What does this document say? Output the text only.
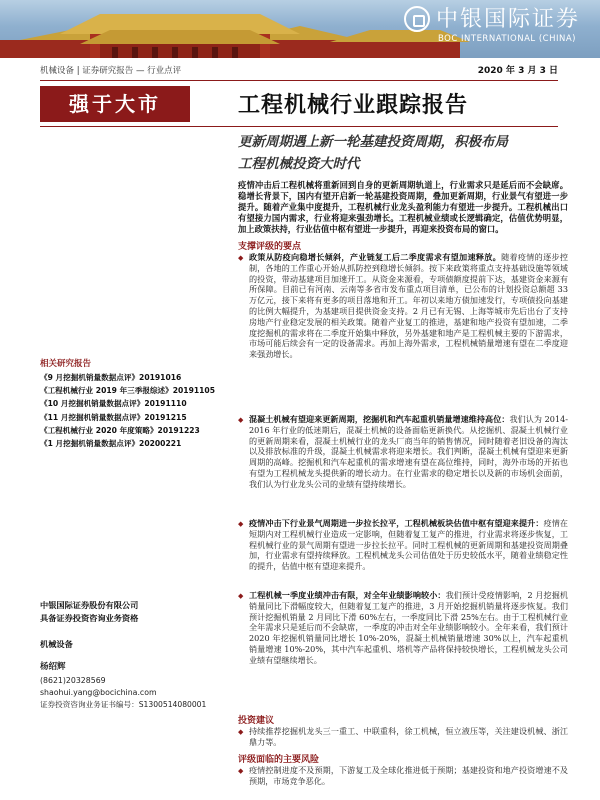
中银国际证券
BOC INTERNATIONAL (CHINA)
机械设备 | 证券研究报告 — 行业点评	2020 年 3 月 3 日
强于大市	工程机械行业跟踪报告
更新周期遇上新一轮基建投资周期，积极布局
工程机械投资大时代
疫情冲击后工程机械将重新回到自身的更新周期轨道上，行业需求只是延后而不会缺席。稳增长背景下，国内有望开启新一轮基建投资周期，叠加更新周期，行业景气有望进一步提升。随着产业集中度提升，工程机械行业龙头盈利能力有望进一步提升。工程机械出口有望接力国内需求，行业将迎来强劲增长。工程机械业绩或长逻辑确定，估值优势明显，加上政策扶持，行业估值中枢有望进一步提升，再迎来投资布局的窗口。
支撑评级的要点
◆ 政策从防疫向稳增长倾斜，产业链复工后二季度需求有望加速释放。随着疫情的逐步控制，各地的工作重心开始从抓防控到稳增长倾斜。按下来政策将重点支持基础设施等领域的投资，带动基建项目加速开工。从资金来源看，专项债额度提前下达，基建资金来源有所保障。目前已有河南、云南等多省市发布重点项目清单，已公布的计划投资总额超 33 万亿元，接下来将有更多的项目落地和开工。年初以来地方债加速发行，专项债投向基建的比例大幅提升，为基建项目提供资金支持。2 月已有无锡、上海等城市先后出台了支持房地产行业稳定发展的相关政策。随着产业复工的推进，基建和地产投资有望加速，二季度挖掘机的需求将在二季度开始集中释放，另外基建和地产是工程机械主要的下游需求，市场可能后续会有一定的设备需求。再加上海外需求，工程机械销量增速有望在二季度迎来强劲增长。
◆ 混凝土机械有望迎来更新周期，挖掘机和汽车起重机销量增速维持高位：我们认为 2014-2016 年行业的低迷期后，混凝土机械的设备面临更新换代。从挖掘机、混凝土机械行业的更新周期来看，混凝土机械行业的龙头厂商当年的销售情况，同时随着老旧设备的淘汰以及排放标准的升级，混凝土机械需求将迎来增长。我们判断，混凝土机械有望迎来更新周期的高峰。挖掘机和汽车起重机的需求增速有望在高位维持，同时，海外市场的开拓也有望为工程机械龙头提供新的增长动力。在行业需求的稳定增长以及新的市场机会面前，我们认为行业龙头公司的业绩有望持续增长。
◆ 疫情冲击下行业景气周期进一步拉长拉平，工程机械板块估值中枢有望迎来提升：疫情在短期内对工程机械行业造成一定影响，但随着复工复产的推进，行业需求将逐步恢复，工程机械行业的景气周期有望进一步拉长拉平。同时工程机械的更新周期和基建投资周期叠加，行业需求有望持续释放。工程机械龙头公司估值处于历史较低水平，随着业绩稳定性的提升，估值中枢有望迎来提升。
◆ 工程机械一季度业绩冲击有限，对全年业绩影响较小：我们预计受疫情影响，2 月挖掘机销量同比下滑幅度较大，但随着复工复产的推进，3 月开始挖掘机销量将逐步恢复。我们预计挖掘机销量 2 月同比下滑 60%左右，一季度同比下滑 25%左右。由于工程机械行业全年需求只是延后而不会缺席，一季度的冲击对全年业绩影响较小。全年来看，我们预计 2020 年挖掘机销量同比增长 10%-20%，混凝土机械销量增速 30%以上，汽车起重机销量增速 10%-20%，其中汽车起重机、塔机等产品将保持较快增长，工程机械龙头公司业绩有望继续增长。
投资建议
◆ 持续推荐挖掘机龙头三一重工、中联重科，徐工机械，恒立液压等，关注建设机械、浙江鼎力等。
评级面临的主要风险
◆ 疫情控制进度不及预期，下游复工及全球化推进低于预期；基建投资和地产投资增速不及预期，市场竞争恶化。
相关研究报告
《9 月挖掘机销量数据点评》20191016
《工程机械行业 2019 年三季报综述》20191105
《10 月挖掘机销量数据点评》20191110
《11 月挖掘机销量数据点评》20191215
《工程机械行业 2020 年度策略》20191223
《1 月挖掘机销量数据点评》20200221
中银国际证券股份有限公司
具备证券投资咨询业务资格
机械设备
杨绍辉
(8621)20328569
shaohui.yang@bocichina.com
证券投资咨询业务证书编号：S1300514080001
